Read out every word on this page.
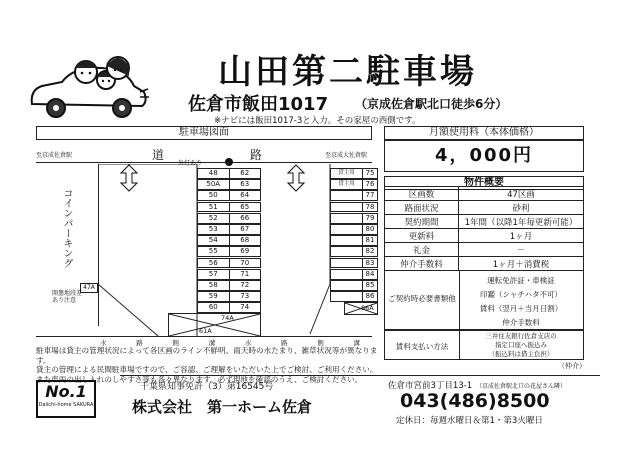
山田第二駐車場
佐倉市飯田1017 （京成佐倉駅北口徒歩6分）
※ナビには飯田1017-3と入力。その家屋の西側です。
駐車場図面
至京成佐倉駅	至京成大佐倉駅
道	路
コインパーキング
開墾地段差あり注意
47A
外灯あり
48	62
50A	63
50	64
51	65
52	66
53	67
54	68
55	69
56	70
57	71
58	72
59	73
60	74
74A
61A
貸主用	75
貸主用	76
77
78
79
80
81
82
83
84
85
86
86A
水	路	側	溝	水	路	側	溝
月額使用料（本体価格）
4，000円
物件概要
区画数	47区画
路面状況	砂利
契約期間	1年間（以降1年毎更新可能）
更新料	1ヶ月
礼金	－
仲介手数料	1ヶ月＋消費税
ご契約時必要書類他
運転免許証・車検証
印鑑（シャチハタ不可）
賃料（翌月＋当月日割）
仲介手数料
賃料支払い方法
三井住友銀行佐倉支店の
指定口座へ振込み
（振込料は借主負担）
（仲介）
駐車場は貸主の管理状況によって各区画のライン不鮮明、雨天時の水たまり、雑草状況等が異なります。
貸主の管理による民間駐車場ですので、ご容認、ご理解をいただいた上でご検討、ご利用ください。
また車両の出し入れのしやすさ等も各々異なります。必ず現地を確認のうえ、ご検討ください。
No.1
Daiichi-home SAKURA
千葉県知事免許（3）第16545号	佐倉市宮前3丁目13-1 （京成佐倉駅北口の花屋さん隣）
株式会社　第一ホーム佐倉	043(486)8500
定休日：毎週水曜日＆第1・第3火曜日
